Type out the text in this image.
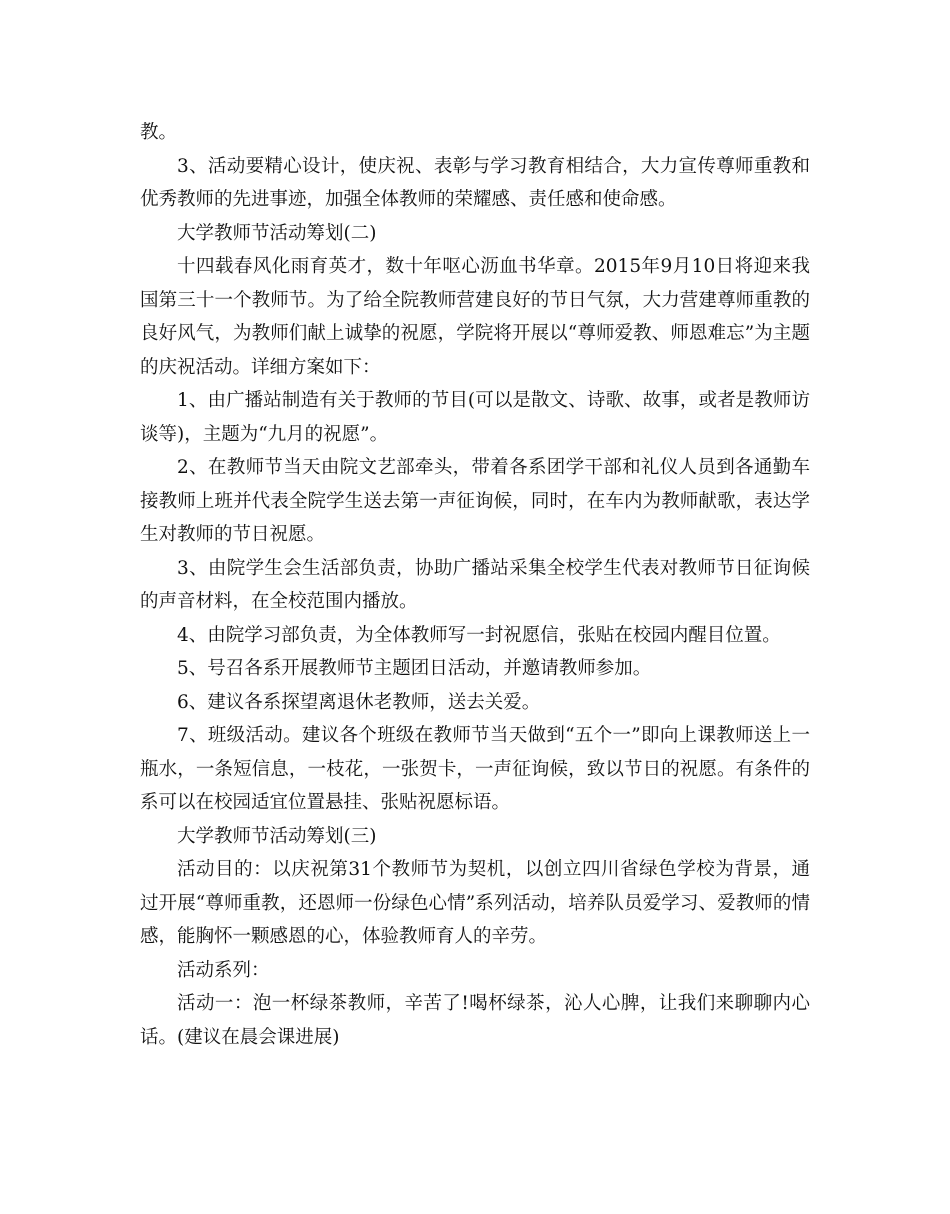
教。

3、活动要精心设计，使庆祝、表彰与学习教育相结合，大力宣传尊师重教和优秀教师的先进事迹，加强全体教师的荣耀感、责任感和使命感。

大学教师节活动筹划(二)

十四载春风化雨育英才，数十年呕心沥血书华章。2015年9月10日将迎来我国第三十一个教师节。为了给全院教师营建良好的节日气氛，大力营建尊师重教的良好风气，为教师们献上诚挚的祝愿，学院将开展以“尊师爱教、师恩难忘”为主题的庆祝活动。详细方案如下：

1、由广播站制造有关于教师的节目(可以是散文、诗歌、故事，或者是教师访谈等)，主题为“九月的祝愿”。

2、在教师节当天由院文艺部牵头，带着各系团学干部和礼仪人员到各通勤车接教师上班并代表全院学生送去第一声征询候，同时，在车内为教师献歌，表达学生对教师的节日祝愿。

3、由院学生会生活部负责，协助广播站采集全校学生代表对教师节日征询候的声音材料，在全校范围内播放。

4、由院学习部负责，为全体教师写一封祝愿信，张贴在校园内醒目位置。

5、号召各系开展教师节主题团日活动，并邀请教师参加。

6、建议各系探望离退休老教师，送去关爱。

7、班级活动。建议各个班级在教师节当天做到“五个一”即向上课教师送上一瓶水，一条短信息，一枝花，一张贺卡，一声征询候，致以节日的祝愿。有条件的系可以在校园适宜位置悬挂、张贴祝愿标语。

大学教师节活动筹划(三)

活动目的：以庆祝第31个教师节为契机，以创立四川省绿色学校为背景，通过开展“尊师重教，还恩师一份绿色心情”系列活动，培养队员爱学习、爱教师的情感，能胸怀一颗感恩的心，体验教师育人的辛劳。

活动系列：

活动一：泡一杯绿茶教师，辛苦了!喝杯绿茶，沁人心脾，让我们来聊聊内心话。(建议在晨会课进展)
